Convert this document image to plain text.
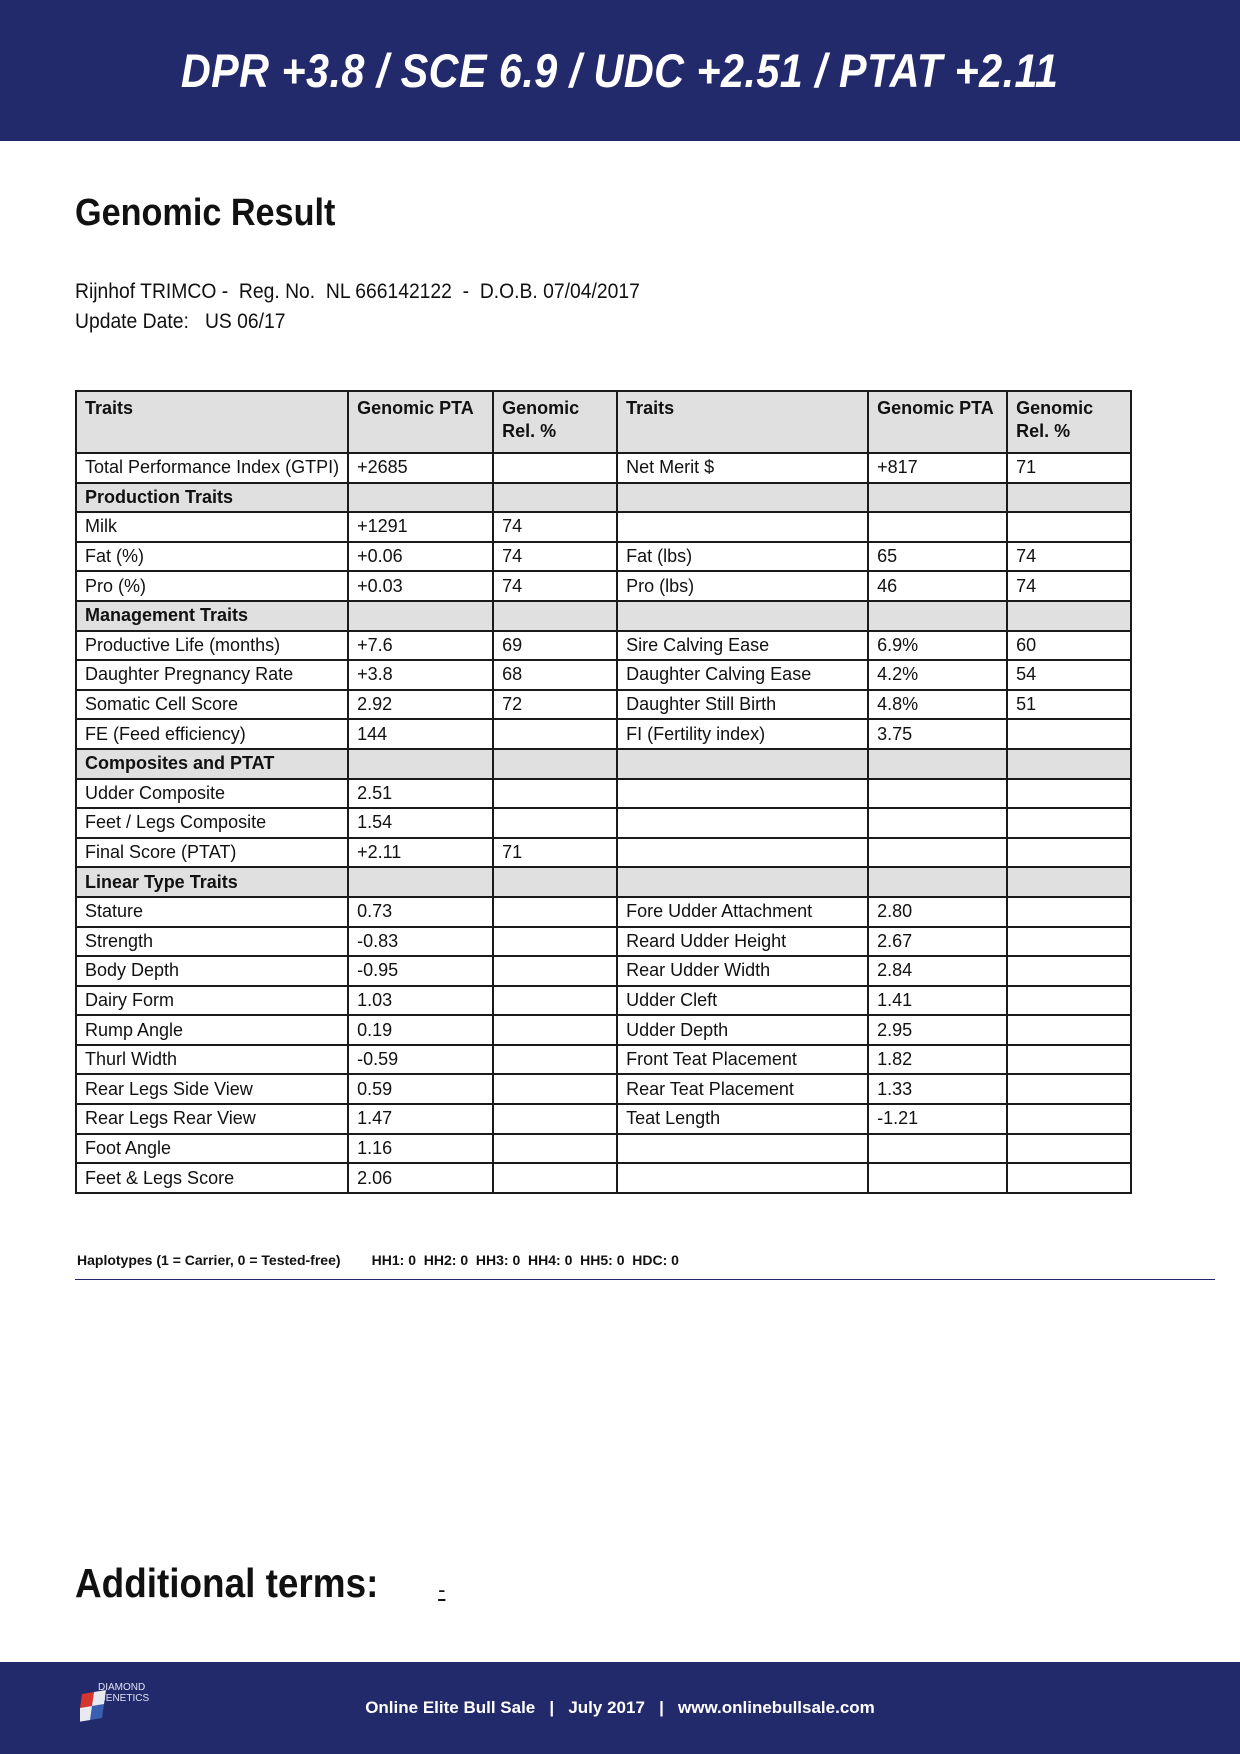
DPR +3.8 / SCE 6.9 / UDC +2.51 / PTAT +2.11
Genomic Result
Rijnhof TRIMCO -  Reg. No.  NL 666142122  -  D.O.B. 07/04/2017
Update Date:   US 06/17
Traits	Genomic PTA	Genomic Rel. %	Traits	Genomic PTA	Genomic Rel. %
Total Performance Index (GTPI)	+2685		Net Merit $	+817	71
Production Traits					
Milk	+1291	74			
Fat (%)	+0.06	74	Fat (lbs)	65	74
Pro (%)	+0.03	74	Pro (lbs)	46	74
Management Traits					
Productive Life (months)	+7.6	69	Sire Calving Ease	6.9%	60
Daughter Pregnancy Rate	+3.8	68	Daughter Calving Ease	4.2%	54
Somatic Cell Score	2.92	72	Daughter Still Birth	4.8%	51
FE (Feed efficiency)	144		FI (Fertility index)	3.75	
Composites and PTAT					
Udder Composite	2.51				
Feet / Legs Composite	1.54				
Final Score (PTAT)	+2.11	71			
Linear Type Traits					
Stature	0.73		Fore Udder Attachment	2.80	
Strength	-0.83		Reard Udder Height	2.67	
Body Depth	-0.95		Rear Udder Width	2.84	
Dairy Form	1.03		Udder Cleft	1.41	
Rump Angle	0.19		Udder Depth	2.95	
Thurl Width	-0.59		Front Teat Placement	1.82	
Rear Legs Side View	0.59		Rear Teat Placement	1.33	
Rear Legs Rear View	1.47		Teat Length	-1.21	
Foot Angle	1.16				
Feet & Legs Score	2.06				
Haplotypes (1 = Carrier, 0 = Tested-free) HH1: 0  HH2: 0  HH3: 0  HH4: 0  HH5: 0  HDC: 0
Additional terms:	-
DIAMOND
GENETICS	Online Elite Bull Sale   |   July 2017   |   www.onlinebullsale.com
